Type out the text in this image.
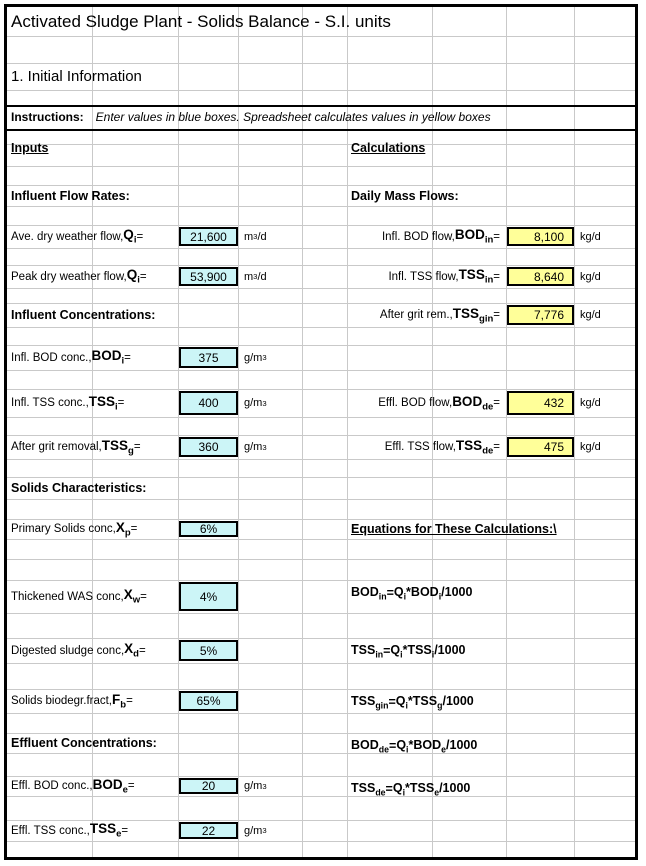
Activated Sludge Plant - Solids Balance - S.I. units
1. Initial Information
Instructions: Enter values in blue boxes. Spreadsheet calculates values in yellow boxes
Inputs	Calculations
Influent Flow Rates:
Influent Concentrations:
Solids Characteristics:
Effluent Concentrations:
Daily Mass Flows:
Equations for These Calculations:\
Ave. dry weather flow, $Q_i$ =	21,600	m 3 /d
Peak dry weather flow, $Q_i$ =	53,900	m 3 /d
Infl. BOD conc., $BOD_i$ =	375	g/m 3
Infl. TSS conc., $TSS_i$ =	400	g/m 3
After grit removal, $TSS_g$ =	360	g/m 3
Primary Solids conc, $X_p$ =	6%
Thickened WAS conc, $X_w$ =	4%
Digested sludge conc, $X_d$ =	5%
Solids biodegr.fract, $F_b$ =	65%
Effl. BOD conc., $BOD_e$ =	20	g/m 3
Effl. TSS conc., $TSS_e$ =	22	g/m 3
Infl. BOD flow, $BOD_{in}$ =	8,100	kg/d
Infl. TSS flow, $TSS_{in}$ =	8,640	kg/d
After grit rem., $TSS_{gin}$ =	7,776	kg/d
Effl. BOD flow, $BOD_{de}$ =	432	kg/d
Effl. TSS flow, $TSS_{de}$ =	475	kg/d
$BOD_{in} = Q_i*BOD_i/1000$
$TSS_{in} = Q_i*TSS_i/1000$
$TSS_{gin} = Q_i*TSS_g/1000$
$BOD_{de} = Q_i*BOD_e/1000$
$TSS_{de} = Q_i*TSS_e/1000$
